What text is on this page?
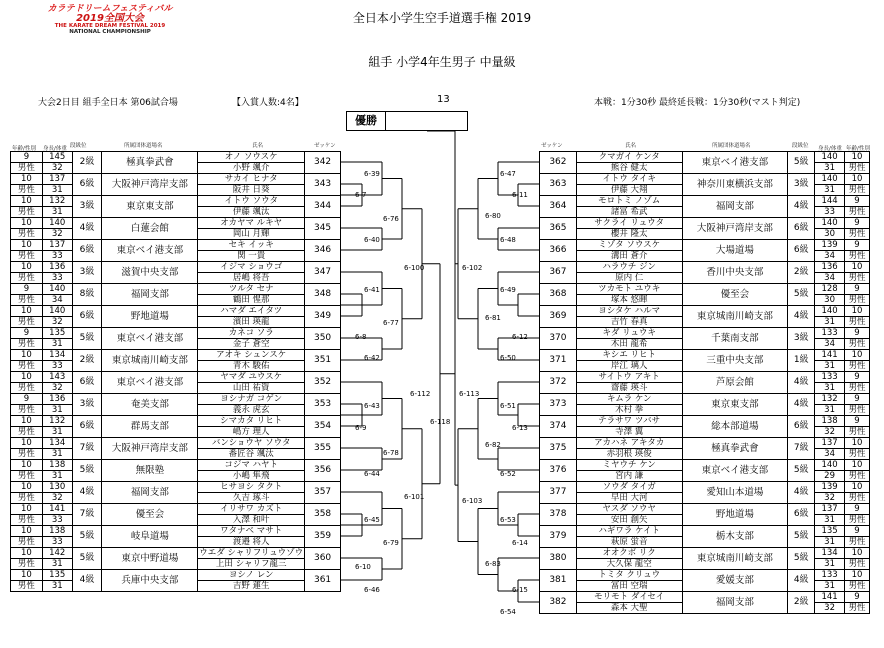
カラテドリームフェスティバル
2019全国大会
THE KARATE DREAM FESTIVAL 2019
NATIONAL CHAMPIONSHIP
全日本小学生空手道選手権 2019
組手 小学4年生男子 中量級
大会2日目 組手全日本 第06試合場	【入賞人数:4名】	13	本戦：1分30秒 最終延長戦：1分30秒(マスト判定)
優勝
年齢/性別 身長/体重 段級位	所属団体道場名	氏名	ゼッケン	ゼッケン	氏名	所属団体道場名	段級位 身長/体重 年齢/性別
9	145	2級	極真拳武會	オノ ソウスケ	342
男性	32			小野 颯介	
10	137	6級	大阪神戸湾岸支部	サカイ ヒナタ	343
男性	31			阪井 日葵	
10	132	3級	東京東支部	イトウ ソウタ	344
男性	31			伊藤 颯汰	
10	140	4級	白蓮会館	オカヤマ ルキヤ	345
男性	32			岡山 月輝	
10	137	6級	東京ベイ港支部	セキ イッキ	346
男性	33			関 一貴	
10	136	3級	滋賀中央支部	イジマ ショウゴ	347
男性	33			居嶋 将吾	
9	140	8級	福岡支部	ツルタ セナ	348
男性	34			鶴田 惺那	
10	140	6級	野地道場	ハマダ エイタツ	349
男性	32			濱田 瑛龍	
9	135	5級	東京ベイ港支部	カネコ ソラ	350
男性	31			金子 蒼空	
10	134	2級	東京城南川崎支部	アオキ シュンスケ	351
男性	33			青木 駿佑	
10	143	6級	東京ベイ港支部	ヤマダ ユウスケ	352
男性	32			山田 祐資	
9	136	3級	奄美支部	ヨシナガ コゲン	353
男性	31			義永 虎玄	
10	132	6級	群馬支部	シマカタ リヒト	354
男性	31			嶋方 理人	
10	134	7級	大阪神戸湾岸支部	バンショウヤ ソウタ	355
男性	31			番匠谷 颯汰	
10	138	5級	無限塾	コジマ ハヤト	356
男性	31			小嶋 隼飛	
10	130	4級	福岡支部	ヒサヨシ タクト	357
男性	32			久吉 琢斗	
10	141	7級	優至会	イリサワ カズト	358
男性	33			入澤 和叶	
10	138	5級	岐阜道場	ワタナベ マサト	359
男性	33			渡邉 将人	
10	142	5級	東京中野道場	ウエダ シャリフリュウゾウ	360
男性	31			上田 シャリフ龍三	
10	135	4級	兵庫中央支部	ヨシノ レン	361
男性	31			吉野 蓮生	
362	クマガイ ケンタ	東京ベイ港支部	5級	140	10
	熊谷 健太			31	男性
363	イトウ タイキ	神奈川東横浜支部	3級	140	10
	伊藤 大翔			31	男性
364	モロトミ ノゾム	福岡支部	4級	144	9
	諸冨 希武			33	男性
365	サクライ リュウタ	大阪神戸湾岸支部	6級	140	9
	櫻井 隆太			30	男性
366	ミゾタ ソウスケ	大場道場	6級	139	9
	溝田 蒼介			34	男性
367	ハラウチ ジン	香川中央支部	2級	136	10
	原内 仁			34	男性
368	ツカモト ユウキ	優至会	5級	128	9
	塚本 悠暉			30	男性
369	ヨシタケ ハルマ	東京城南川崎支部	4級	140	10
	吉竹 春真			31	男性
370	キダ リュウキ	千葉南支部	3級	133	9
	木田 龍希			34	男性
371	キシエ リヒト	三重中央支部	1級	141	10
	岸江 璃人			31	男性
372	サイトウ アキト	芦原会館	4級	133	9
	齋藤 瑛斗			31	男性
373	キムラ ケン	東京東支部	4級	132	9
	木村 拳			31	男性
374	テラサワ ツバサ	総本部道場	6級	138	9
	寺澤 翼			32	男性
375	アカハネ アキタカ	極真拳武會	7級	137	10
	赤羽根 瑛俊			34	男性
376	ミヤウチ ケン	東京ベイ港支部	5級	140	10
	宮内 謙			29	男性
377	ソウダ タイガ	愛知山本道場	4級	139	10
	早田 大河			32	男性
378	ヤスダ ソウヤ	野地道場	6級	137	9
	安田 創矢			31	男性
379	ハギワラ ケイト	栃木支部	5級	135	9
	萩原 蛍音			31	男性
380	オオクボ リク	東京城南川崎支部	5級	134	10
	大久保 龍空			31	男性
381	トミタ クリュウ	愛媛支部	4級	133	10
	冨田 空瑞			31	男性
382	モリモト ダイセイ	福岡支部	2級	141	9
	森本 大聖			32	男性
6-39
6-7
6-76
6-40
6-100
6-41
6-77
6-8
6-42
6-112
6-43
6-9
6-78
6-44
6-101
6-45
6-79
6-10
6-46
6-118
6-47
6-11
6-80
6-48
6-102
6-49
6-81
6-12
6-50
6-113
6-51
6-13
6-82
6-52
6-103
6-53
6-14
6-83
6-15
6-54
